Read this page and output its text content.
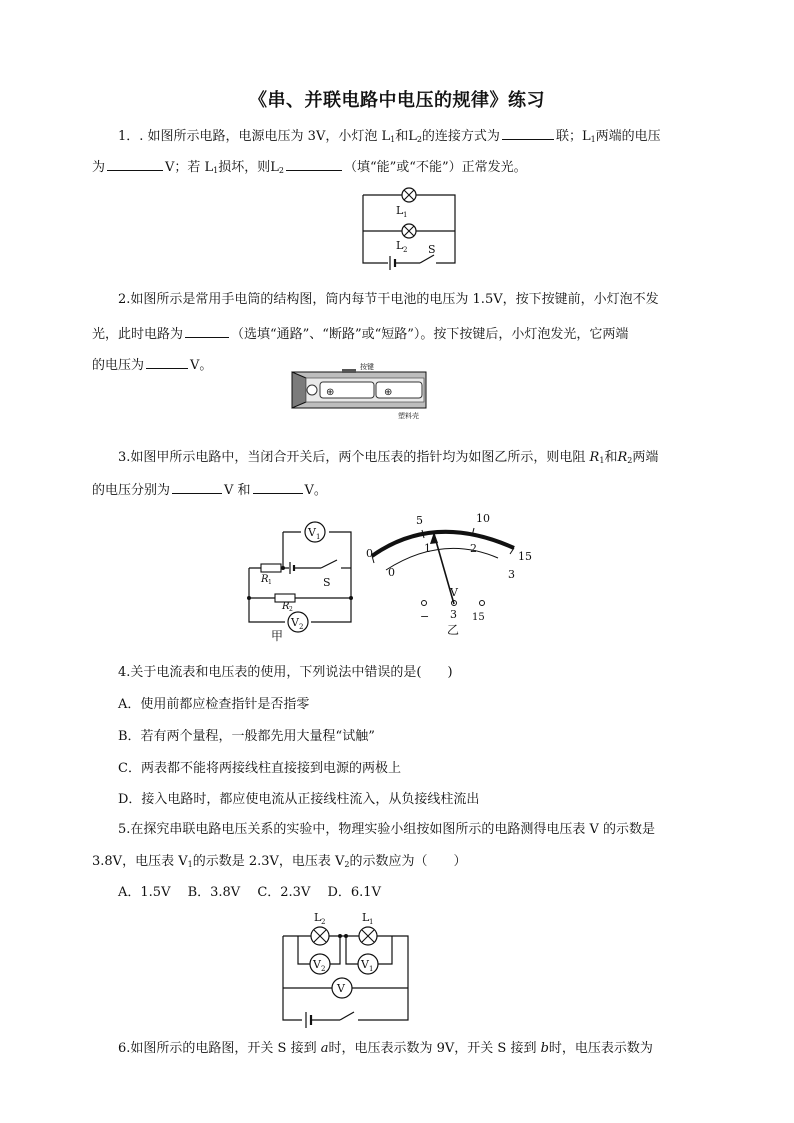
《串、并联电路中电压的规律》练习
1．. 如图所示电路，电源电压为 3V，小灯泡 $L_1$和$L_2$的连接方式为	联；$L_1$两端的电压
为	V；若 $L_1$损坏，则$L_2$	（填“能”或“不能”）正常发光。
L 1
L 2 S
2.如图所示是常用手电筒的结构图，筒内每节干电池的电压为 1.5V，按下按键前，小灯泡不发
光，此时电路为	（选填“通路”、“断路”或“短路”）。按下按键后，小灯泡发光，它两端
的电压为	V。
⊕	⊕
按键
塑料壳
3.如图甲所示电路中，当闭合开关后，两个电压表的指针均为如图乙所示，则电阻 $R_1$和$R_2$两端
的电压分别为	V 和	V。
V 1
V 2
R 1
R 2
S
甲
0
5	10
15
0
1	2
3
V
− 3 15
乙
4.关于电流表和电压表的使用，下列说法中错误的是(　　)
A．使用前都应检查指针是否指零
B．若有两个量程，一般都先用大量程“试触”
C．两表都不能将两接线柱直接接到电源的两极上
D．接入电路时，都应使电流从正接线柱流入，从负接线柱流出
5.在探究串联电路电压关系的实验中，物理实验小组按如图所示的电路测得电压表 V 的示数是
3.8V，电压表 $V_1$的示数是 2.3V，电压表 $V_2$的示数应为（　　）
A．1.5V　 B．3.8V　 C．2.3V　 D．6.1V
L 2	L 1
V 2	V 1
V
6.如图所示的电路图，开关 S 接到 a时，电压表示数为 9V，开关 S 接到 b时，电压表示数为
